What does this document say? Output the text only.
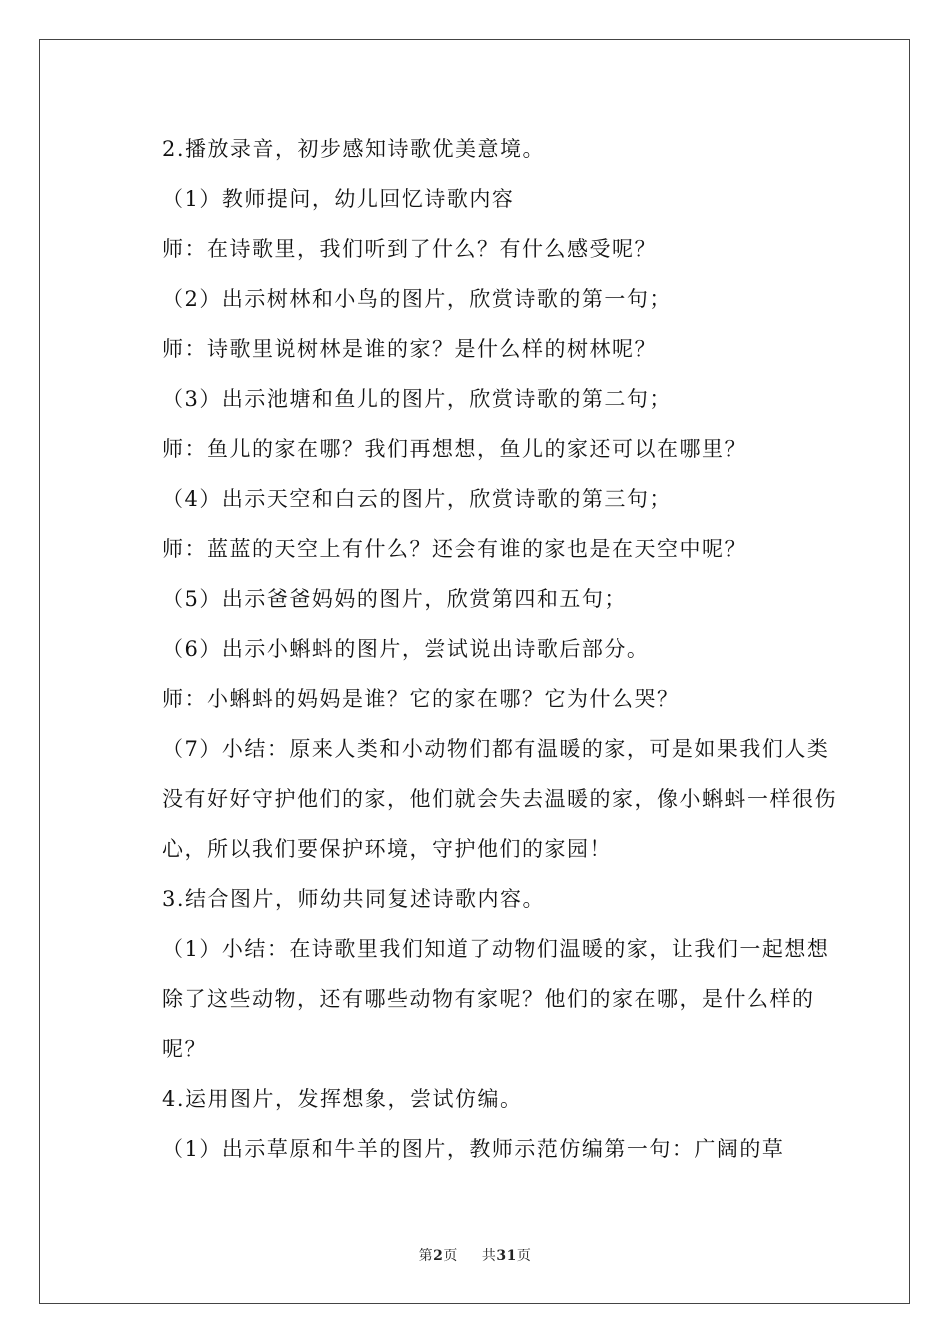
2.播放录音，初步感知诗歌优美意境。

（1）教师提问，幼儿回忆诗歌内容

师：在诗歌里，我们听到了什么？有什么感受呢？

（2）出示树林和小鸟的图片，欣赏诗歌的第一句；

师：诗歌里说树林是谁的家？是什么样的树林呢？

（3）出示池塘和鱼儿的图片，欣赏诗歌的第二句；

师：鱼儿的家在哪？我们再想想，鱼儿的家还可以在哪里？

（4）出示天空和白云的图片，欣赏诗歌的第三句；

师：蓝蓝的天空上有什么？还会有谁的家也是在天空中呢？

（5）出示爸爸妈妈的图片，欣赏第四和五句；

（6）出示小蝌蚪的图片，尝试说出诗歌后部分。

师：小蝌蚪的妈妈是谁？它的家在哪？它为什么哭？

（7）小结：原来人类和小动物们都有温暖的家，可是如果我们人类没有好好守护他们的家，他们就会失去温暖的家，像小蝌蚪一样很伤心，所以我们要保护环境，守护他们的家园！

3.结合图片，师幼共同复述诗歌内容。

（1）小结：在诗歌里我们知道了动物们温暖的家，让我们一起想想除了这些动物，还有哪些动物有家呢？他们的家在哪，是什么样的呢？

4.运用图片，发挥想象，尝试仿编。

（1）出示草原和牛羊的图片，教师示范仿编第一句：广阔的草

第2页 共31页
